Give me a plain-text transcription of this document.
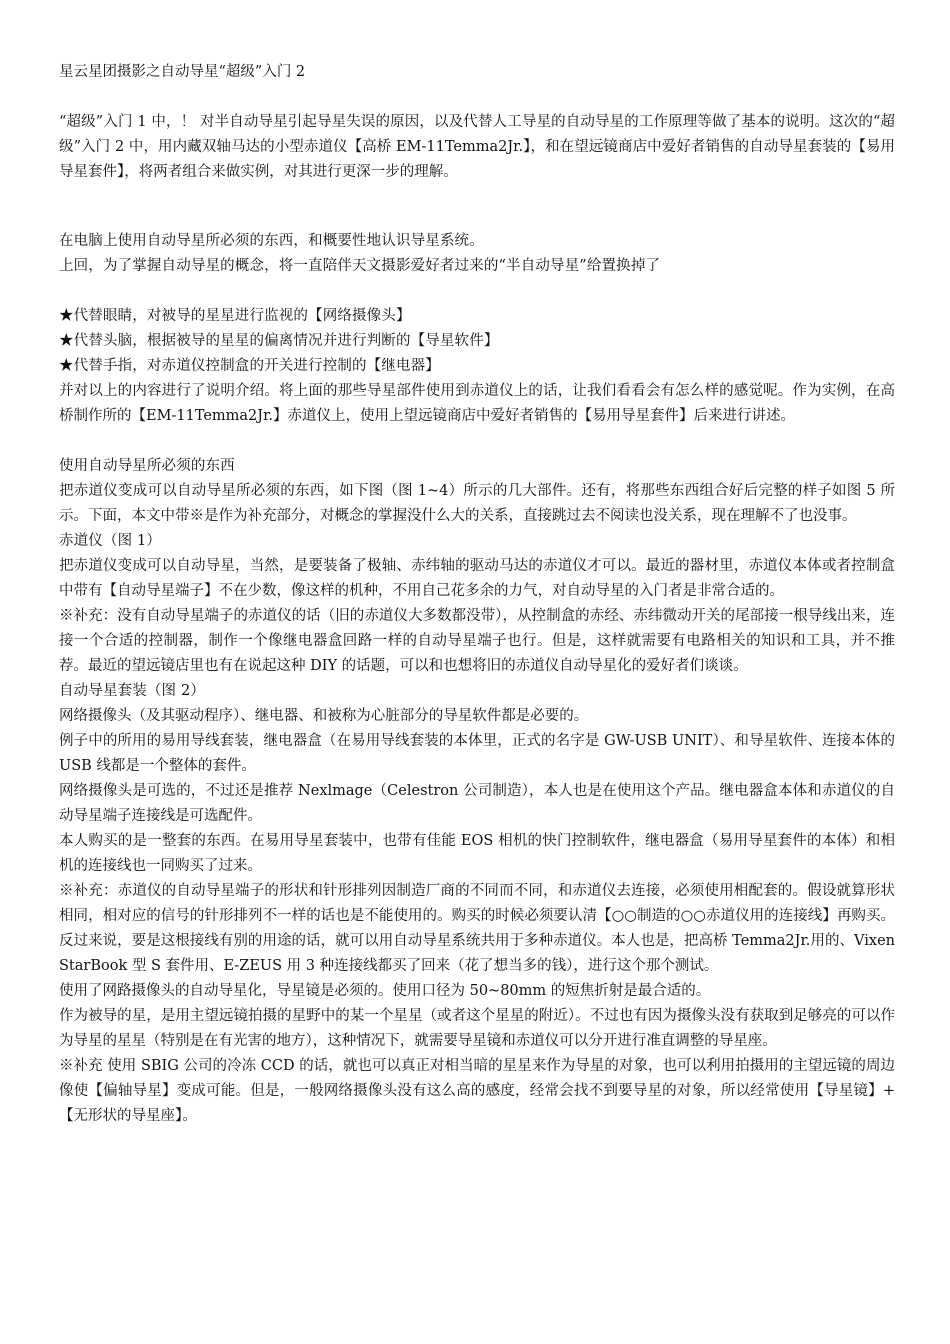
星云星团摄影之自动导星“超级”入门 2

“超级”入门 1 中，！ 对半自动导星引起导星失误的原因，以及代替人工导星的自动导星的工作原理等做了基本的说明。这次的“超级”入门 2 中，用内藏双轴马达的小型赤道仪【高桥 EM-11Temma2Jr.】，和在望远镜商店中爱好者销售的自动导星套装的【易用导星套件】，将两者组合来做实例，对其进行更深一步的理解。

在电脑上使用自动导星所必须的东西，和概要性地认识导星系统。

上回，为了掌握自动导星的概念，将一直陪伴天文摄影爱好者过来的“半自动导星”给置换掉了

★代替眼睛，对被导的星星进行监视的【网络摄像头】

★代替头脑，根据被导的星星的偏离情况并进行判断的【导星软件】

★代替手指，对赤道仪控制盒的开关进行控制的【继电器】

并对以上的内容进行了说明介绍。将上面的那些导星部件使用到赤道仪上的话，让我们看看会有怎么样的感觉呢。作为实例，在高桥制作所的【EM-11Temma2Jr.】赤道仪上，使用上望远镜商店中爱好者销售的【易用导星套件】后来进行讲述。

使用自动导星所必须的东西

把赤道仪变成可以自动导星所必须的东西，如下图（图 1~4）所示的几大部件。还有，将那些东西组合好后完整的样子如图 5 所示。下面，本文中带※是作为补充部分，对概念的掌握没什么大的关系，直接跳过去不阅读也没关系，现在理解不了也没事。

赤道仪（图 1）

把赤道仪变成可以自动导星，当然，是要装备了极轴、赤纬轴的驱动马达的赤道仪才可以。最近的器材里，赤道仪本体或者控制盒中带有【自动导星端子】不在少数，像这样的机种，不用自己花多余的力气，对自动导星的入门者是非常合适的。

※补充：没有自动导星端子的赤道仪的话（旧的赤道仪大多数都没带），从控制盒的赤经、赤纬微动开关的尾部接一根导线出来，连接一个合适的控制器，制作一个像继电器盒回路一样的自动导星端子也行。但是，这样就需要有电路相关的知识和工具，并不推荐。最近的望远镜店里也有在说起这种 DIY 的话题，可以和也想将旧的赤道仪自动导星化的爱好者们谈谈。

自动导星套装（图 2）

网络摄像头（及其驱动程序）、继电器、和被称为心脏部分的导星软件都是必要的。

例子中的所用的易用导线套装，继电器盒（在易用导线套装的本体里，正式的名字是 GW-USB UNIT）、和导星软件、连接本体的 USB 线都是一个整体的套件。

网络摄像头是可选的，不过还是推荐 Nexlmage（Celestron 公司制造），本人也是在使用这个产品。继电器盒本体和赤道仪的自动导星端子连接线是可选配件。

本人购买的是一整套的东西。在易用导星套装中，也带有佳能 EOS 相机的快门控制软件，继电器盒（易用导星套件的本体）和相机的连接线也一同购买了过来。

※补充：赤道仪的自动导星端子的形状和针形排列因制造厂商的不同而不同，和赤道仪去连接，必须使用相配套的。假设就算形状相同，相对应的信号的针形排列不一样的话也是不能使用的。购买的时候必须要认清【○○制造的○○赤道仪用的连接线】再购买。反过来说，要是这根接线有别的用途的话，就可以用自动导星系统共用于多种赤道仪。本人也是，把高桥 Temma2Jr.用的、Vixen　StarBook 型 S 套件用、E-ZEUS 用 3 种连接线都买了回来（花了想当多的钱），进行这个那个测试。

使用了网路摄像头的自动导星化，导星镜是必须的。使用口径为 50~80mm 的短焦折射是最合适的。

作为被导的星，是用主望远镜拍摄的星野中的某一个星星（或者这个星星的附近）。不过也有因为摄像头没有获取到足够亮的可以作为导星的星星（特别是在有光害的地方），这种情况下，就需要导星镜和赤道仪可以分开进行准直调整的导星座。

※补充 使用 SBIG 公司的冷冻 CCD 的话，就也可以真正对相当暗的星星来作为导星的对象，也可以利用拍摄用的主望远镜的周边像使【偏轴导星】变成可能。但是，一般网络摄像头没有这么高的感度，经常会找不到要导星的对象，所以经常使用【导星镜】+【无形状的导星座】。
